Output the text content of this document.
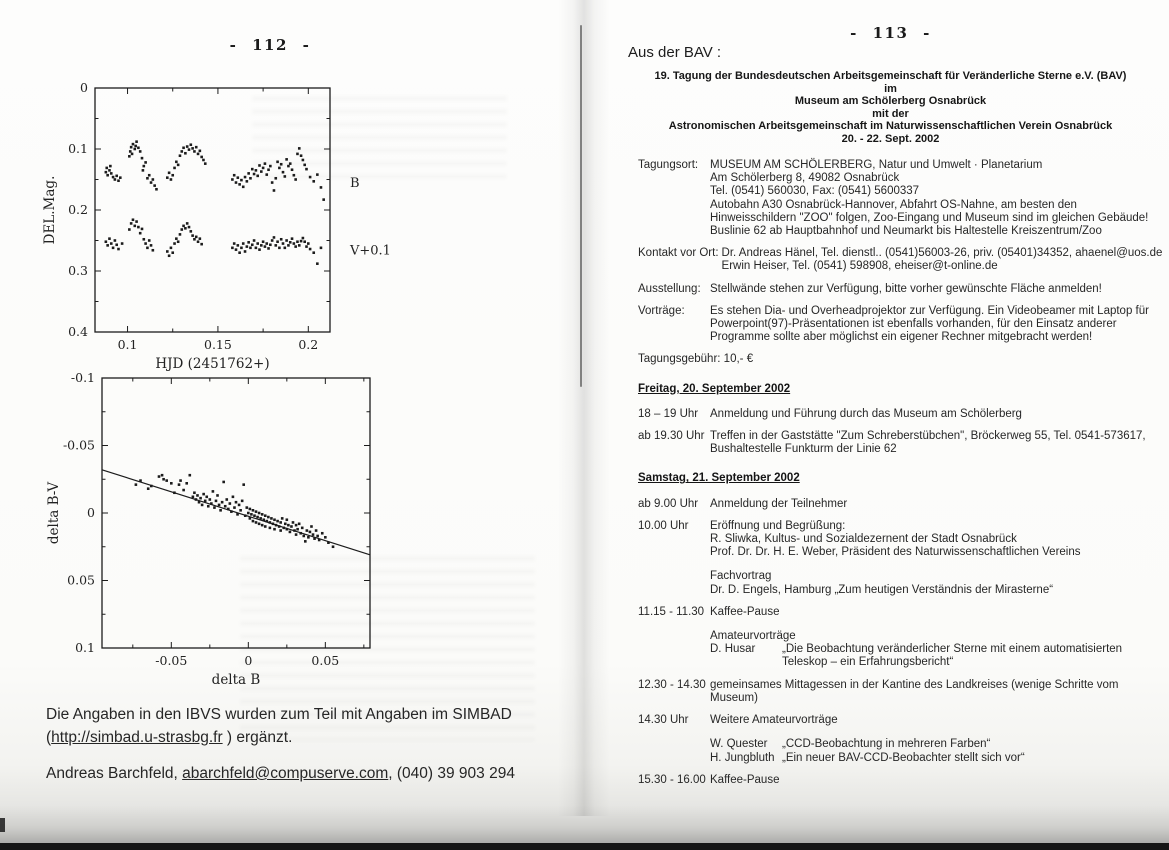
- 112 -
0.1	0.15	0.2
0
0.1
0.2
0.3
0.4
B
V+0.1
HJD (2451762+)
DEL.Mag.
-0.05	0	0.05
-0.1
-0.05
0
0.05
0.1
delta B
delta B-V

Die Angaben in den IBVS wurden zum Teil mit Angaben im SIMBAD
(http://simbad.u-strasbg.fr ) ergänzt.

Andreas Barchfeld, abarchfeld@compuserve.com, (040) 39 903 294

- 113 -
Aus der BAV :
19. Tagung der Bundesdeutschen Arbeitsgemeinschaft für Veränderliche Sterne e.V. (BAV)
im
Museum am Schölerberg Osnabrück
mit der
Astronomischen Arbeitsgemeinschaft im Naturwissenschaftlichen Verein Osnabrück
20. - 22. Sept. 2002
Tagungsort:	MUSEUM AM SCHÖLERBERG, Natur und Umwelt · Planetarium
Am Schölerberg 8, 49082 Osnabrück
Tel. (0541) 560030, Fax: (0541) 5600337
Autobahn A30 Osnabrück-Hannover, Abfahrt OS-Nahne, am besten den
Hinweisschildern "ZOO" folgen, Zoo-Eingang und Museum sind im gleichen Gebäude!
Buslinie 62 ab Hauptbahnhof und Neumarkt bis Haltestelle Kreiszentrum/Zoo
Kontakt vor Ort: Dr. Andreas Hänel, Tel. dienstl.. (0541)56003-26, priv. (05401)34352, ahaenel@uos.de
Erwin Heiser, Tel. (0541) 598908, eheiser@t-online.de
Ausstellung: Stellwände stehen zur Verfügung, bitte vorher gewünschte Fläche anmelden!
Vorträge:	Es stehen Dia- und Overheadprojektor zur Verfügung. Ein Videobeamer mit Laptop für
Powerpoint(97)-Präsentationen ist ebenfalls vorhanden, für den Einsatz anderer
Programme sollte aber möglichst ein eigener Rechner mitgebracht werden!
Tagungsgebühr: 10,- €
Freitag, 20. September 2002
18 – 19 Uhr	Anmeldung und Führung durch das Museum am Schölerberg
ab 19.30 Uhr Treffen in der Gaststätte "Zum Schreberstübchen", Bröckerweg 55, Tel. 0541-573617,
Bushaltestelle Funkturm der Linie 62
Samstag, 21. September 2002
ab 9.00 Uhr	Anmeldung der Teilnehmer
10.00 Uhr	Eröffnung und Begrüßung:
R. Sliwka, Kultus- und Sozialdezernent der Stadt Osnabrück
Prof. Dr. Dr. H. E. Weber, Präsident des Naturwissenschaftlichen Vereins
Fachvortrag
Dr. D. Engels, Hamburg „Zum heutigen Verständnis der Mirasterne“
11.15 - 11.30 Kaffee-Pause
Amateurvorträge
D. Husar	„Die Beobachtung veränderlicher Sterne mit einem automatisierten
Teleskop – ein Erfahrungsbericht“
12.30 - 14.30 gemeinsames Mittagessen in der Kantine des Landkreises (wenige Schritte vom
Museum)
14.30 Uhr	Weitere Amateurvorträge
W. Quester	„CCD-Beobachtung in mehreren Farben“
H. Jungbluth „Ein neuer BAV-CCD-Beobachter stellt sich vor“
15.30 - 16.00 Kaffee-Pause
